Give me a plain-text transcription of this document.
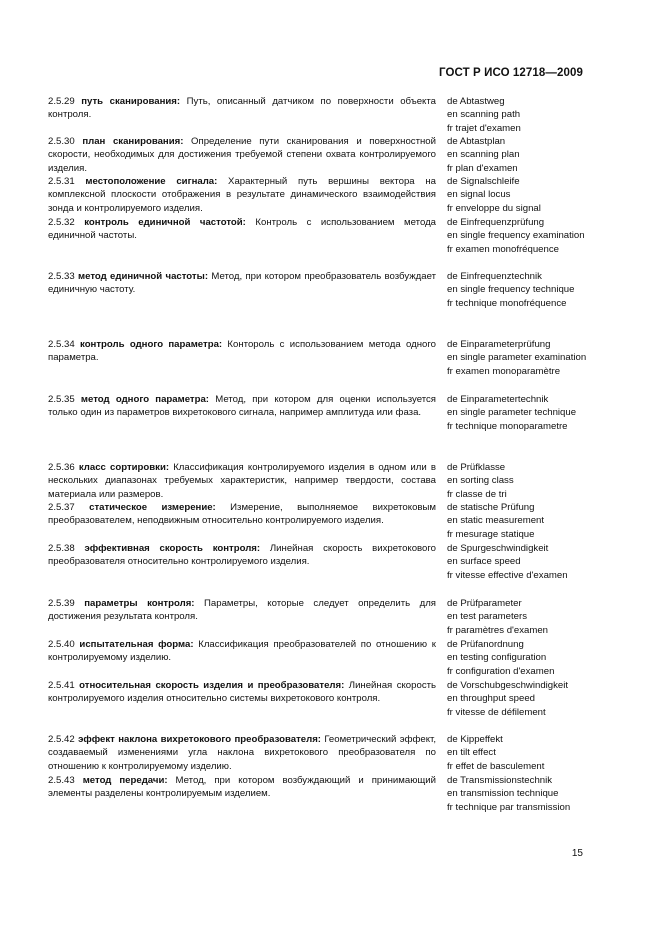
ГОСТ Р ИСО 12718—2009
2.5.29 путь сканирования: Путь, описанный датчиком по поверхности объекта контроля.
de Abtastweg
en scanning path
fr trajet d'examen
2.5.30 план сканирования: Определение пути сканирования и поверхностной скорости, необходимых для достижения требуемой степени охвата контролируемого изделия.
de Abtastplan
en scanning plan
fr plan d'examen
2.5.31 местоположение сигнала: Характерный путь вершины вектора на комплексной плоскости отображения в результате динамического взаимодействия зонда и контролируемого изделия.
de Signalschleife
en signal locus
fr enveloppe du signal
2.5.32 контроль единичной частотой: Контроль с использованием метода единичной частоты.
de Einfrequenzprüfung
en single frequency examination
fr examen monofréquence
2.5.33 метод единичной частоты: Метод, при котором преобразователь возбуждает единичную частоту.
de Einfrequenztechnik
en single frequency technique
fr technique monofréquence
2.5.34 контроль одного параметра: Контороль с использованием метода одного параметра.
de Einparameterprüfung
en single parameter examination
fr examen monoparamètre
2.5.35 метод одного параметра: Метод, при котором для оценки используется только один из параметров вихретокового сигнала, например амплитуда или фаза.
de Einparametertechnik
en single parameter technique
fr technique monoparametre
2.5.36 класс сортировки: Классификация контролируемого изделия в одном или в нескольких диапазонах требуемых характеристик, например твердости, состава материала или размеров.
de Prüfklasse
en sorting class
fr classe de tri
2.5.37 статическое измерение: Измерение, выполняемое вихретоковым преобразователем, неподвижным относительно контролируемого изделия.
de statische Prüfung
en static measurement
fr mesurage statique
2.5.38 эффективная скорость контроля: Линейная скорость вихретокового преобразователя относительно контролируемого изделия.
de Spurgeschwindigkeit
en surface speed
fr vitesse effective d'examen
2.5.39 параметры контроля: Параметры, которые следует определить для достижения результата контроля.
de Prüfparameter
en test parameters
fr paramètres d'examen
2.5.40 испытательная форма: Классификация преобразователей по отношению к контролируемому изделию.
de Prüfanordnung
en testing configuration
fr configuration d'examen
2.5.41 относительная скорость изделия и преобразователя: Линейная скорость контролируемого изделия относительно системы вихретокового контроля.
de Vorschubgeschwindigkeit
en throughput speed
fr vitesse de défilement
2.5.42 эффект наклона вихретокового преобразователя: Геометрический эффект, создаваемый изменениями угла наклона вихретокового преобразователя по отношению к контролируемому изделию.
de Kippeffekt
en tilt effect
fr effet de basculement
2.5.43 метод передачи: Метод, при котором возбуждающий и принимающий элементы разделены контролируемым изделием.
de Transmissionstechnik
en transmission technique
fr technique par transmission
15
